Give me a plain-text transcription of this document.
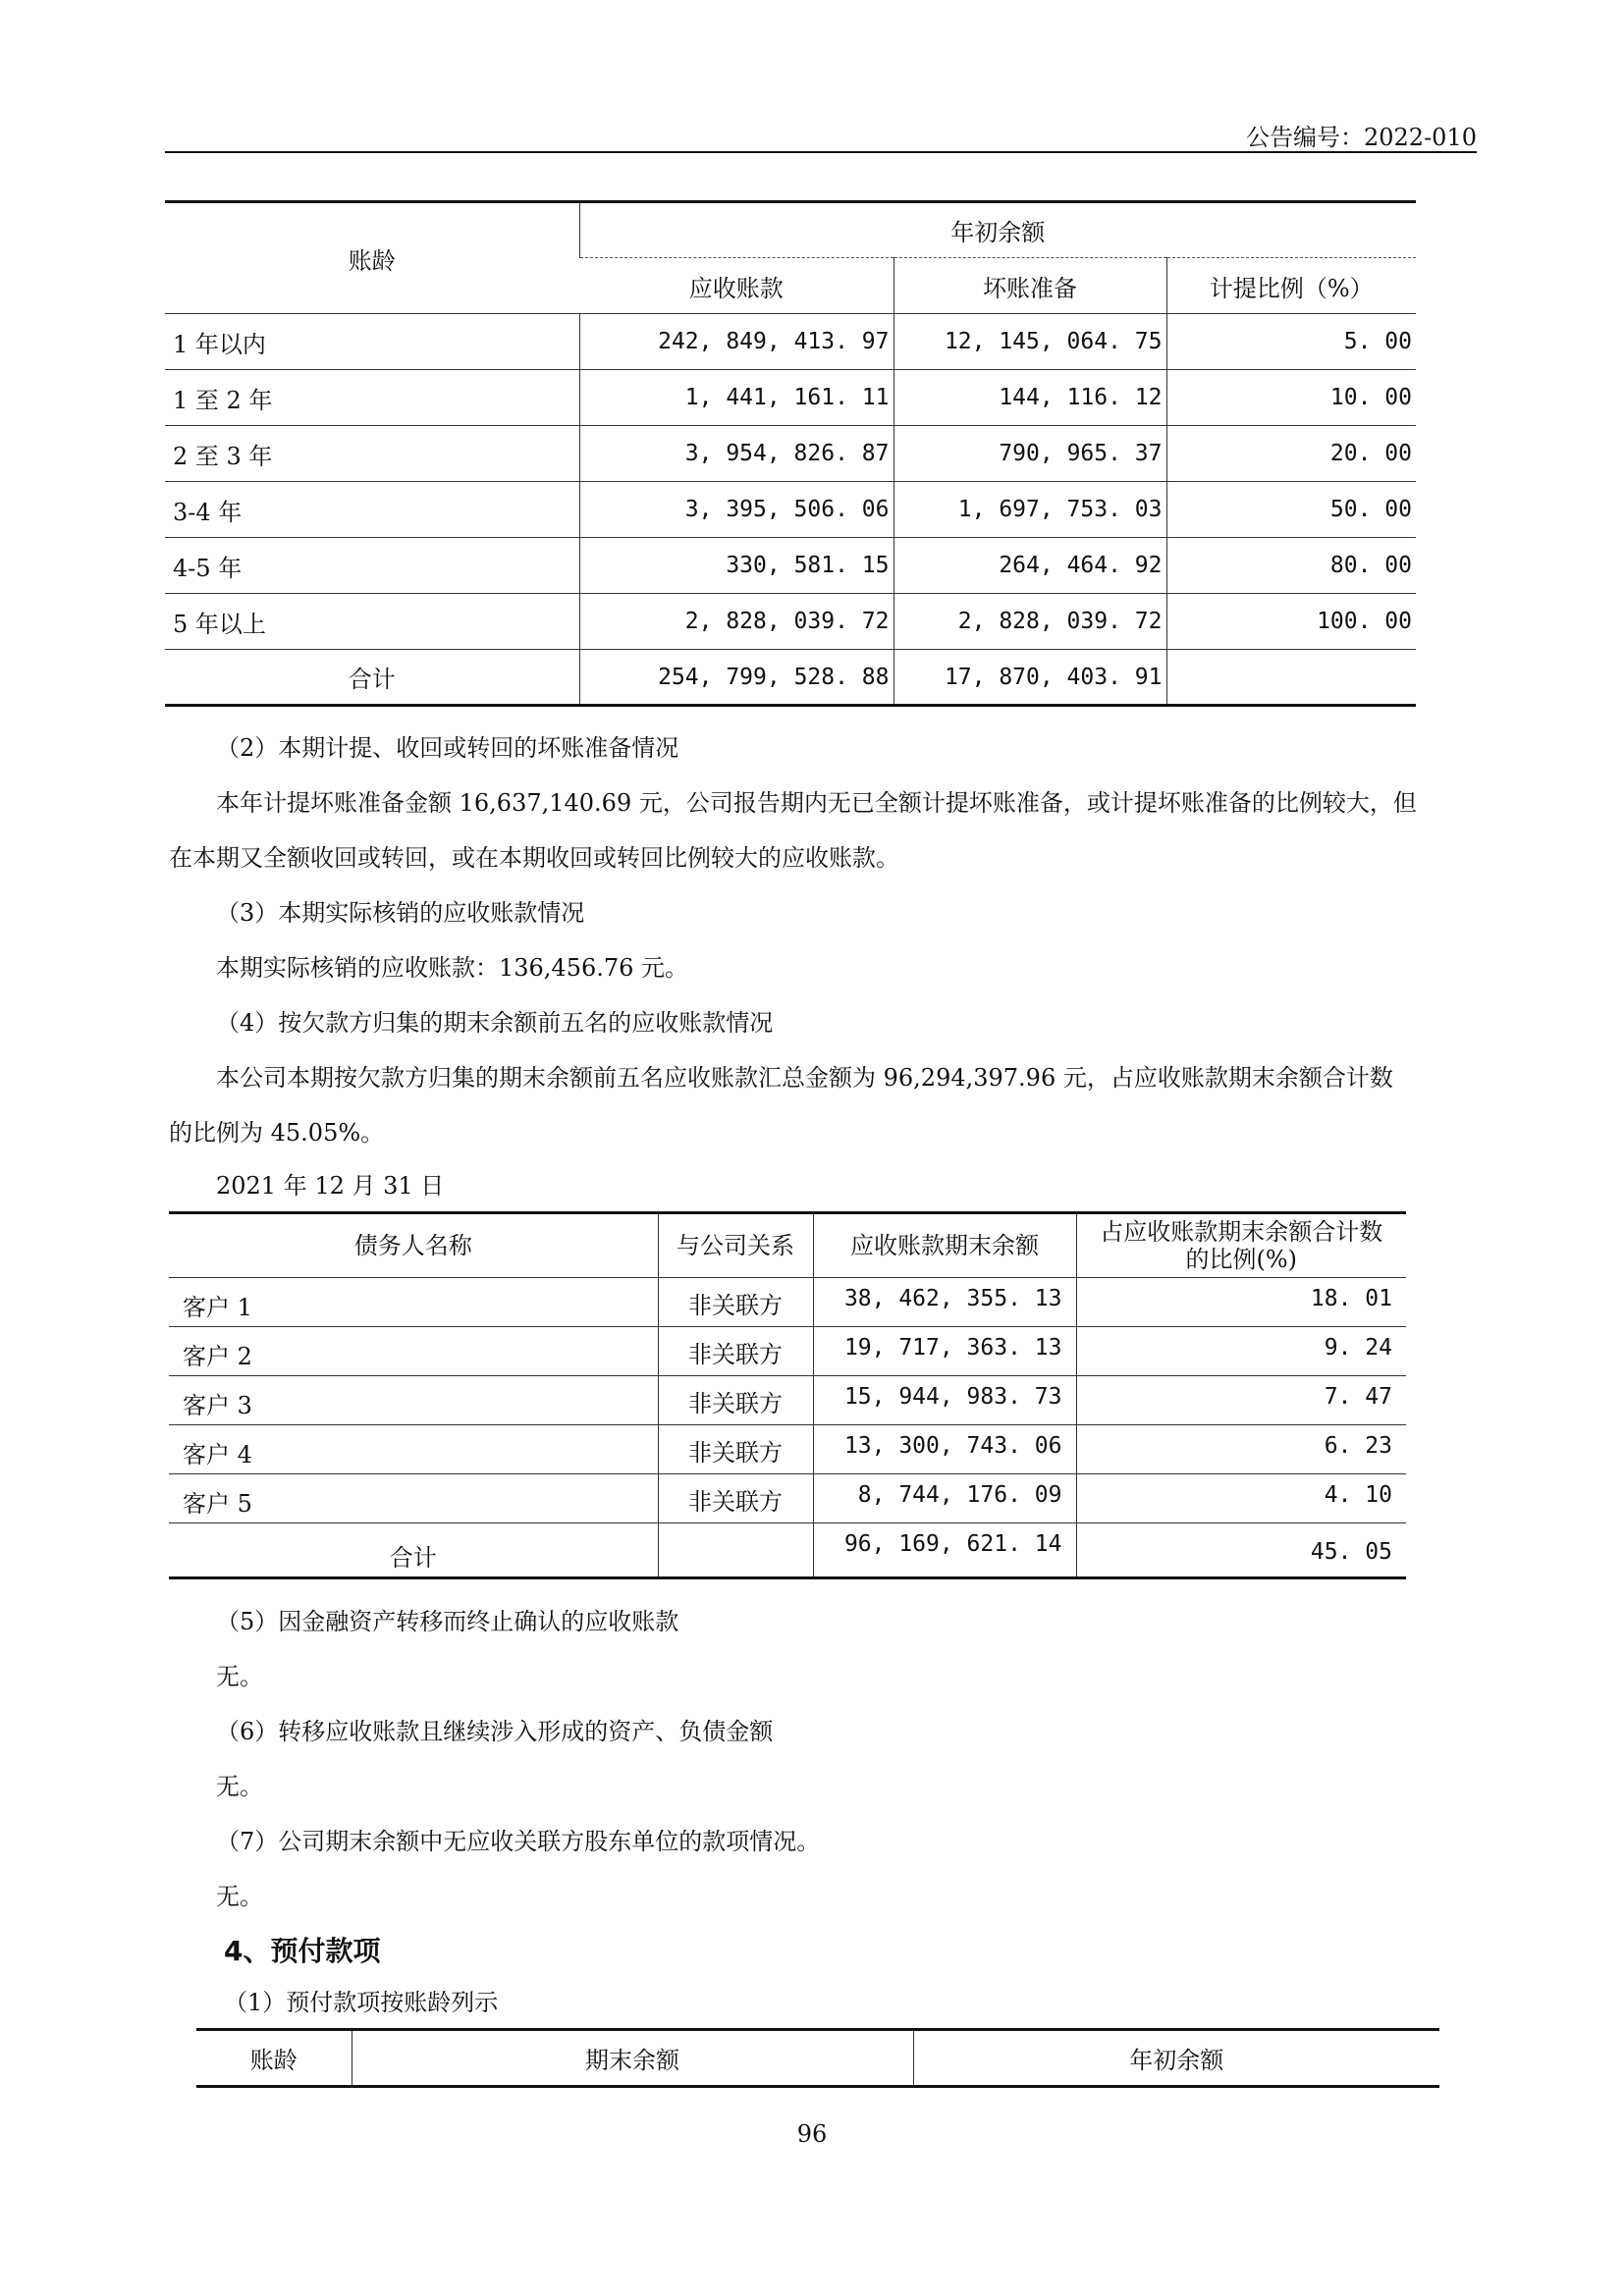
公告编号：2022-010
账龄	年初余额		
	应收账款	坏账准备	计提比例（%）
1 年以内	242, 849, 413. 97	12, 145, 064. 75	5. 00
1 至 2 年	1, 441, 161. 11	144, 116. 12	10. 00
2 至 3 年	3, 954, 826. 87	790, 965. 37	20. 00
3-4 年	3, 395, 506. 06	1, 697, 753. 03	50. 00
4-5 年	330, 581. 15	264, 464. 92	80. 00
5 年以上	2, 828, 039. 72	2, 828, 039. 72	100. 00
合计	254, 799, 528. 88	17, 870, 403. 91	
（2）本期计提、收回或转回的坏账准备情况
本年计提坏账准备金额 16,637,140.69 元，公司报告期内无已全额计提坏账准备，或计提坏账准备的比例较大，但
在本期又全额收回或转回，或在本期收回或转回比例较大的应收账款。
（3）本期实际核销的应收账款情况
本期实际核销的应收账款：136,456.76 元。
（4）按欠款方归集的期末余额前五名的应收账款情况
本公司本期按欠款方归集的期末余额前五名应收账款汇总金额为 96,294,397.96 元，占应收账款期末余额合计数
的比例为 45.05%。
2021 年 12 月 31 日
债务人名称	与公司关系	应收账款期末余额	占应收账款期末余额合计数
的比例(%)

客户 1	非关联方	38, 462, 355. 13	18. 01
客户 2	非关联方	19, 717, 363. 13	9. 24
客户 3	非关联方	15, 944, 983. 73	7. 47
客户 4	非关联方	13, 300, 743. 06	6. 23
客户 5	非关联方	8, 744, 176. 09	4. 10
合计		96, 169, 621. 14	45. 05
（5）因金融资产转移而终止确认的应收账款
无。
（6）转移应收账款且继续涉入形成的资产、负债金额
无。
（7）公司期末余额中无应收关联方股东单位的款项情况。
无。
4、预付款项
（1）预付款项按账龄列示
账龄	期末余额	年初余额
96
